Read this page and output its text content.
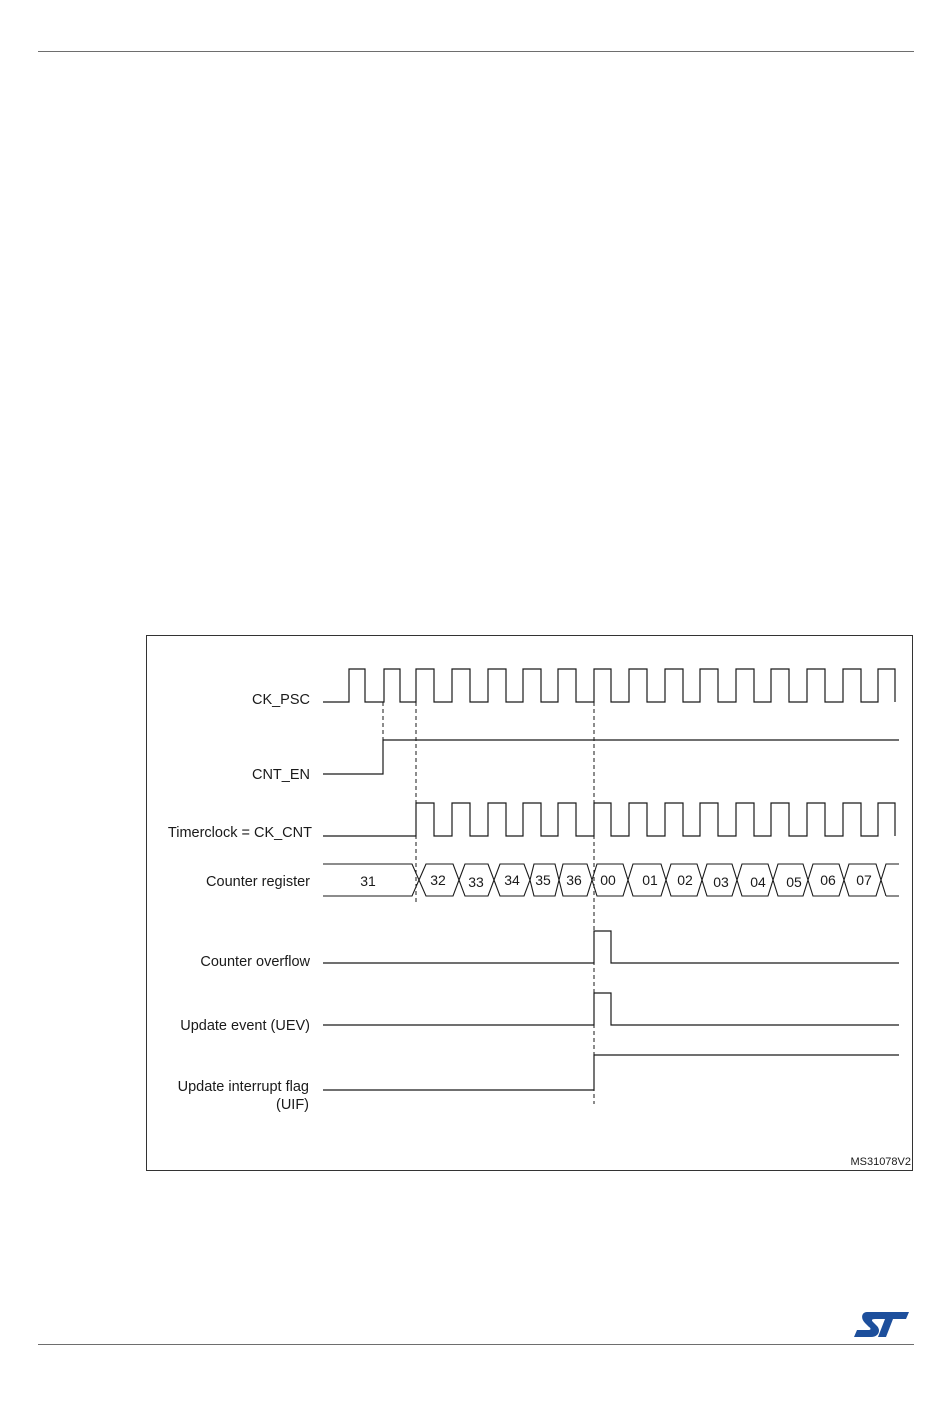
CK_PSC
CNT_EN
Timerclock = CK_CNT
Counter register
Counter overflow
Update event (UEV)
Update interrupt flag
(UIF)
31	32 33 34 35 36 00 01 02 03 04 05 06 07
MS31078V2
